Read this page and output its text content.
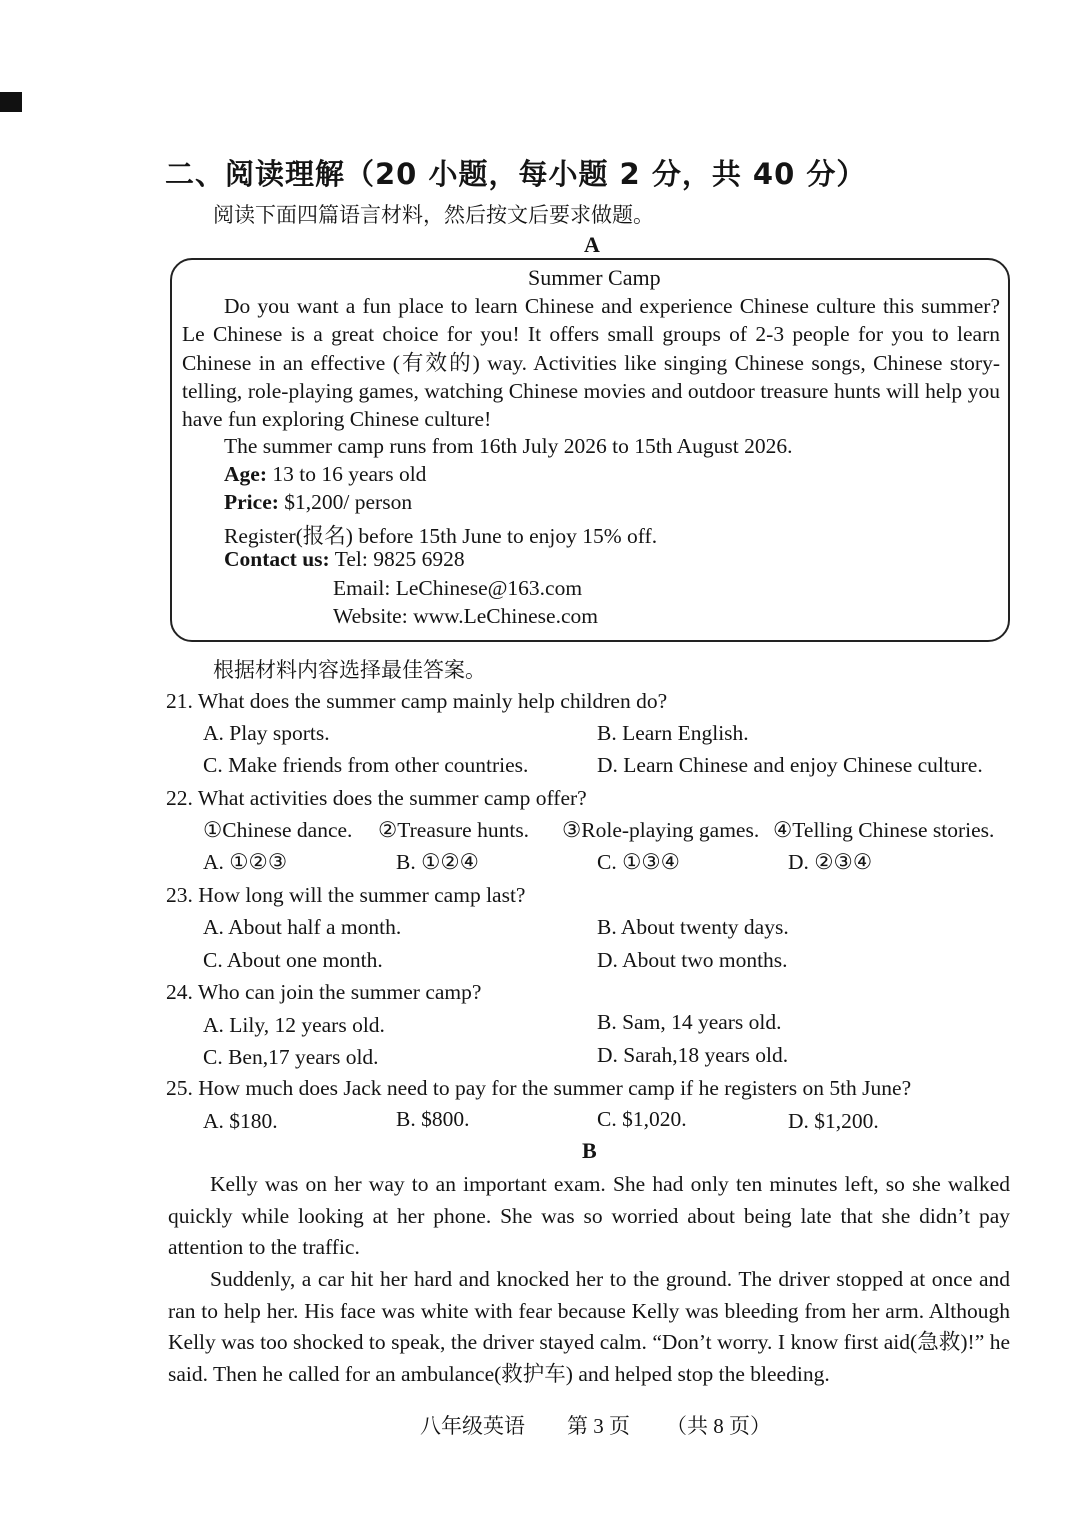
二、阅读理解（20 小题，每小题 2 分，共 40 分）
阅读下面四篇语言材料，然后按文后要求做题。
A
Summer Camp
Do you want a fun place to learn Chinese and experience Chinese culture this summer? Le Chinese is a great choice for you! It offers small groups of 2-3 people for you to learn Chinese in an effective (有效的) way. Activities like singing Chinese songs, Chinese story-telling, role-playing games, watching Chinese movies and outdoor treasure hunts will help you have fun exploring Chinese culture!
The summer camp runs from 16th July 2026 to 15th August 2026.
Age: 13 to 16 years old
Price: $1,200/ person
Register(报名) before 15th June to enjoy 15% off.
Contact us: Tel: 9825 6928
Email: LeChinese@163.com
Website: www.LeChinese.com
根据材料内容选择最佳答案。
21. What does the summer camp mainly help children do?
A. Play sports.	B. Learn English.
C. Make friends from other countries.	D. Learn Chinese and enjoy Chinese culture.
22. What activities does the summer camp offer?
①Chinese dance. ②Treasure hunts. ③Role-playing games. ④Telling Chinese stories.
A. ①②③	B. ①②④	C. ①③④	D. ②③④
23. How long will the summer camp last?
A. About half a month.	B. About twenty days.
C. About one month.	D. About two months.
24. Who can join the summer camp?
A. Lily, 12 years old.	B. Sam, 14 years old.
C. Ben,17 years old.	D. Sarah,18 years old.
25. How much does Jack need to pay for the summer camp if he registers on 5th June?
A. $180.	B. $800.	C. $1,020.	D. $1,200.
B
Kelly was on her way to an important exam. She had only ten minutes left, so she walked quickly while looking at her phone. She was so worried about being late that she didn’t pay attention to the traffic.
Suddenly, a car hit her hard and knocked her to the ground. The driver stopped at once and ran to help her. His face was white with fear because Kelly was bleeding from her arm. Although Kelly was too shocked to speak, the driver stayed calm. “Don’t worry. I know first aid(急救)!” he said. Then he called for an ambulance(救护车) and helped stop the bleeding.
八年级英语 第 3 页 （共 8 页）
